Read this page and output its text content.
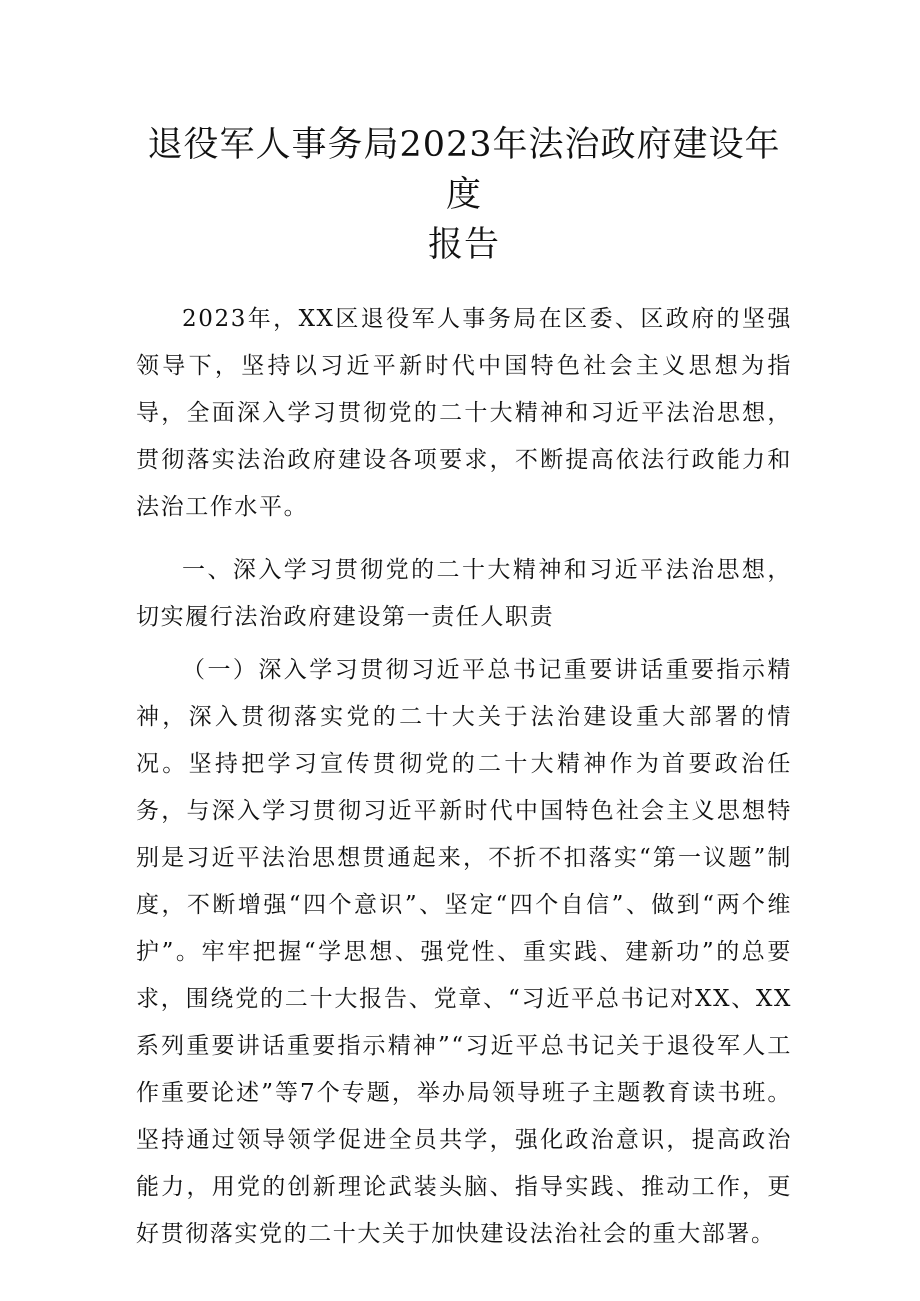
退役军人事务局2023年法治政府建设年度
报告

2023年，XX区退役军人事务局在区委、区政府的坚强领导下，坚持以习近平新时代中国特色社会主义思想为指导，全面深入学习贯彻党的二十大精神和习近平法治思想，贯彻落实法治政府建设各项要求，不断提高依法行政能力和法治工作水平。

一、深入学习贯彻党的二十大精神和习近平法治思想，切实履行法治政府建设第一责任人职责

（一）深入学习贯彻习近平总书记重要讲话重要指示精神，深入贯彻落实党的二十大关于法治建设重大部署的情况。坚持把学习宣传贯彻党的二十大精神作为首要政治任务，与深入学习贯彻习近平新时代中国特色社会主义思想特别是习近平法治思想贯通起来，不折不扣落实“第一议题”制度，不断增强“四个意识”、坚定“四个自信”、做到“两个维护”。牢牢把握“学思想、强党性、重实践、建新功”的总要求，围绕党的二十大报告、党章、“习近平总书记对XX、XX系列重要讲话重要指示精神”“习近平总书记关于退役军人工作重要论述”等7个专题，举办局领导班子主题教育读书班。坚持通过领导领学促进全员共学，强化政治意识，提高政治能力，用党的创新理论武装头脑、指导实践、推动工作，更好贯彻落实党的二十大关于加快建设法治社会的重大部署。
